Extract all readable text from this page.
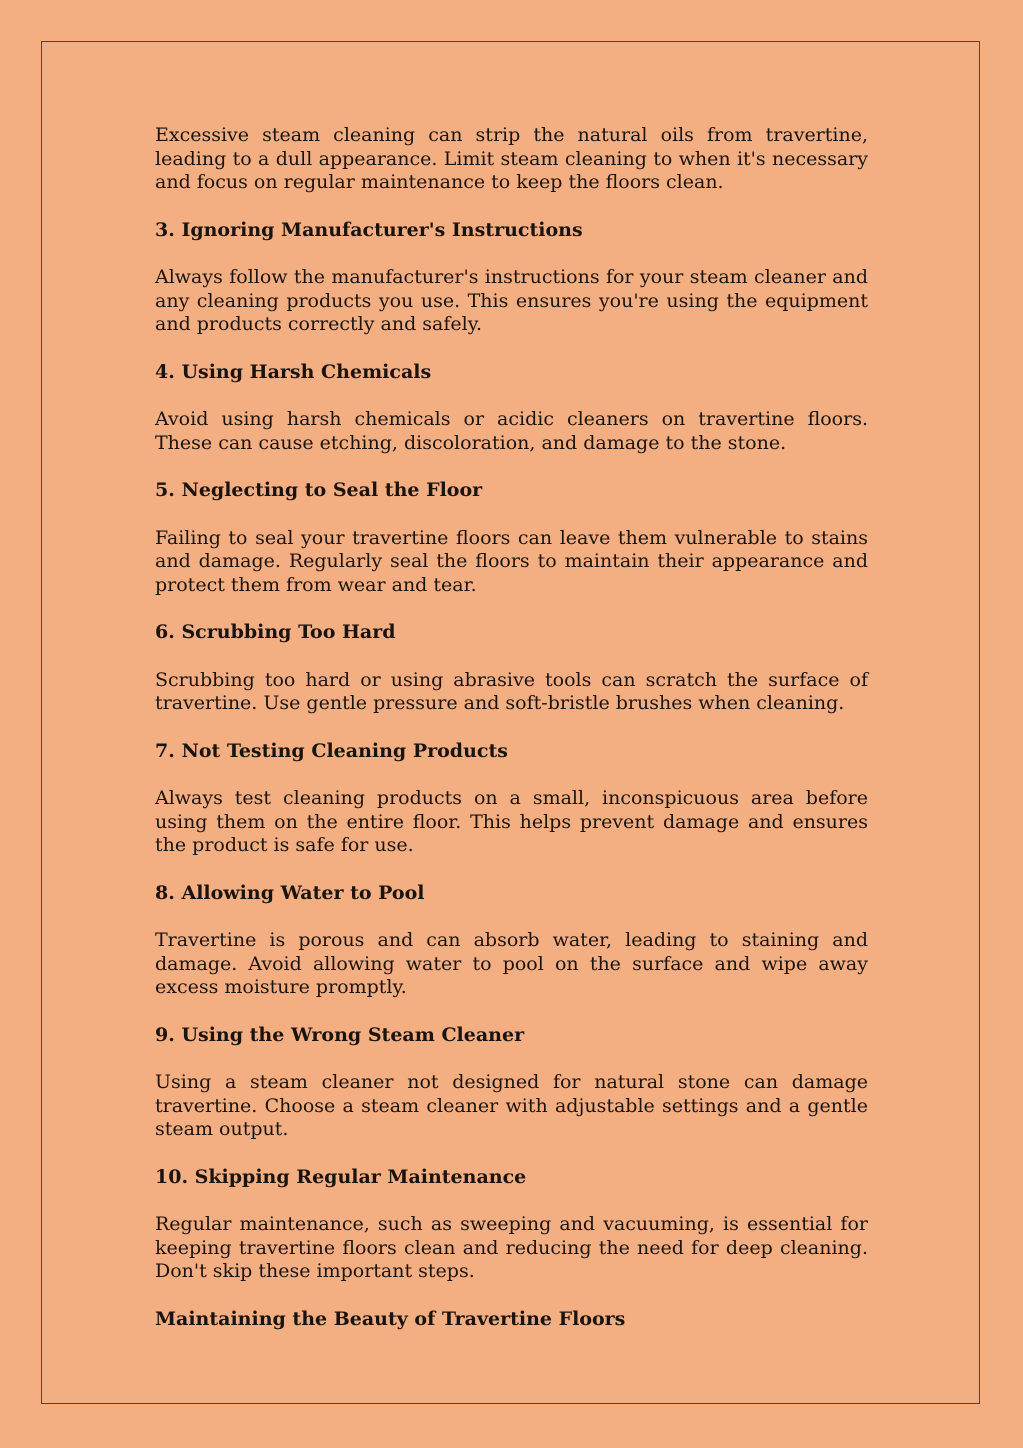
Excessive steam cleaning can strip the natural oils from travertine, leading to a dull appearance. Limit steam cleaning to when it's necessary and focus on regular maintenance to keep the floors clean.

3. Ignoring Manufacturer's Instructions

Always follow the manufacturer's instructions for your steam cleaner and any cleaning products you use. This ensures you're using the equipment and products correctly and safely.

4. Using Harsh Chemicals

Avoid using harsh chemicals or acidic cleaners on travertine floors. These can cause etching, discoloration, and damage to the stone.

5. Neglecting to Seal the Floor

Failing to seal your travertine floors can leave them vulnerable to stains and damage. Regularly seal the floors to maintain their appearance and protect them from wear and tear.

6. Scrubbing Too Hard

Scrubbing too hard or using abrasive tools can scratch the surface of travertine. Use gentle pressure and soft-bristle brushes when cleaning.

7. Not Testing Cleaning Products

Always test cleaning products on a small, inconspicuous area before using them on the entire floor. This helps prevent damage and ensures the product is safe for use.

8. Allowing Water to Pool

Travertine is porous and can absorb water, leading to staining and damage. Avoid allowing water to pool on the surface and wipe away excess moisture promptly.

9. Using the Wrong Steam Cleaner

Using a steam cleaner not designed for natural stone can damage travertine. Choose a steam cleaner with adjustable settings and a gentle steam output.

10. Skipping Regular Maintenance

Regular maintenance, such as sweeping and vacuuming, is essential for keeping travertine floors clean and reducing the need for deep cleaning. Don't skip these important steps.

Maintaining the Beauty of Travertine Floors
